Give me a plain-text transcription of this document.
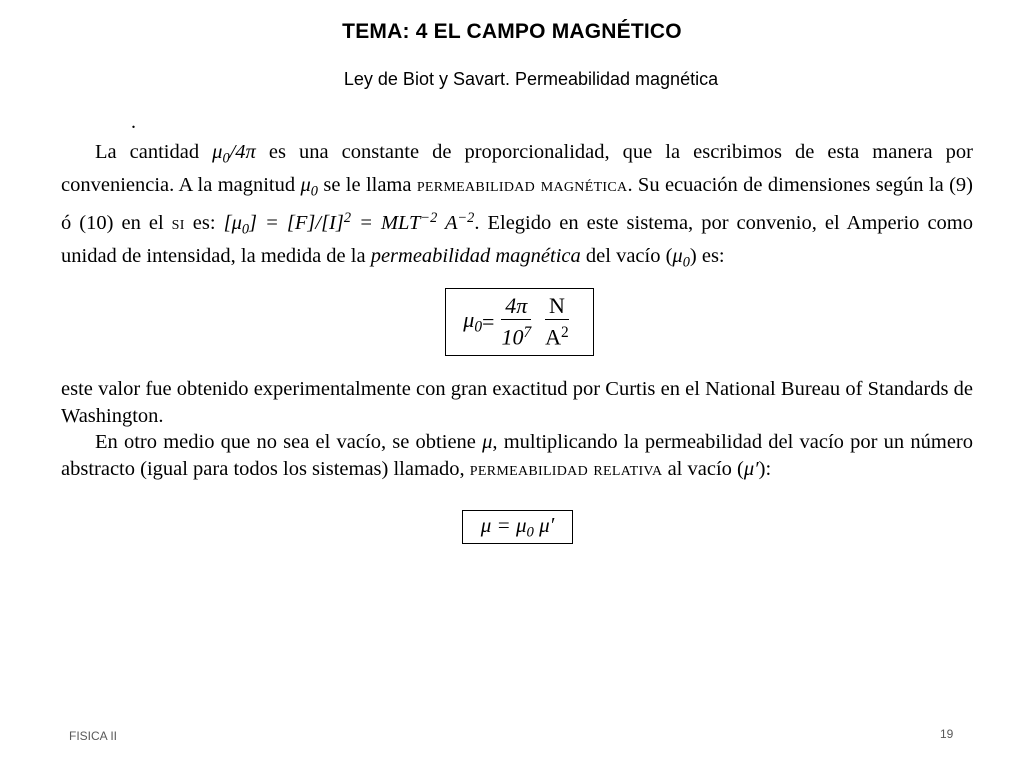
TEMA: 4 EL CAMPO MAGNÉTICO
Ley de Biot y Savart. Permeabilidad magnética
.

La cantidad $\mu_0/4\pi$ es una constante de proporcionalidad, que la escribimos de esta manera por conveniencia. A la magnitud $\mu_0$ se le llama permeabilidad magnética. Su ecuación de dimensiones según la (9) ó (10) en el si es: $[\mu_0] = [F]/[I]^2 = MLT^{-2}$ $A^{-2}$. Elegido en este sistema, por convenio, el Amperio como unidad de intensidad, la medida de la permeabilidad magnética del vacío $(\mu_0)$ es:

$\mu_0 = \frac{4\pi}{10^7} \frac{N}{A^2}$

este valor fue obtenido experimentalmente con gran exactitud por Curtis en el National Bureau of Standards de Washington.

En otro medio que no sea el vacío, se obtiene μ, multiplicando la permeabilidad del vacío por un número abstracto (igual para todos los sistemas) llamado, permeabilidad relativa al vacío (μ′):

$\mu = \mu_0$ μ′
FISICA II	19
